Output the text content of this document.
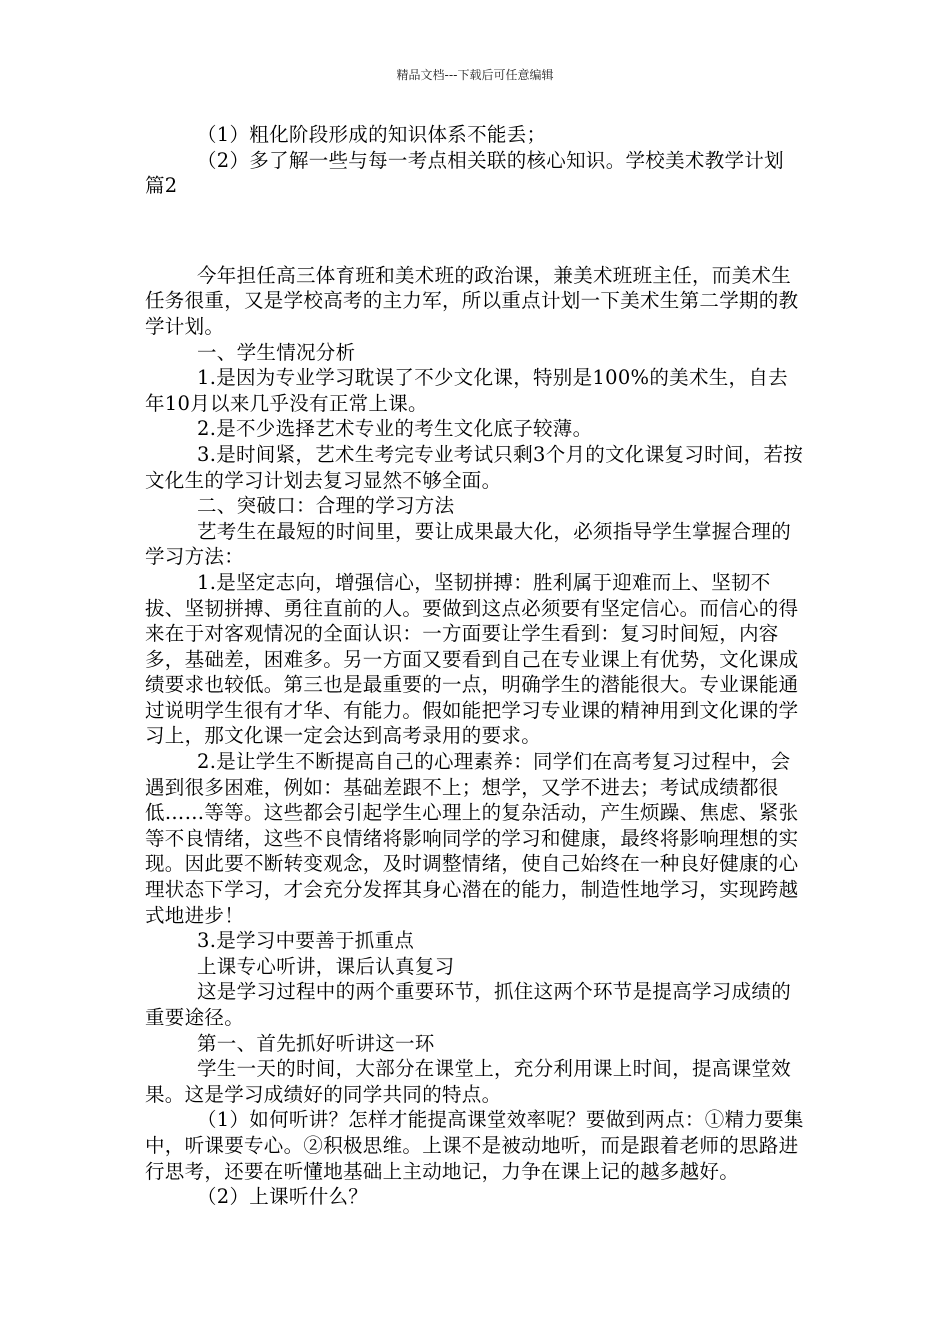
精品文档---下载后可任意编辑

（1）粗化阶段形成的知识体系不能丢；

（2）多了解一些与每一考点相关联的核心知识。学校美术教学计划 篇2

今年担任高三体育班和美术班的政治课，兼美术班班主任，而美术生任务很重，又是学校高考的主力军，所以重点计划一下美术生第二学期的教学计划。

一、学生情况分析

1.是因为专业学习耽误了不少文化课，特别是100%的美术生，自去年10月以来几乎没有正常上课。

2.是不少选择艺术专业的考生文化底子较薄。

3.是时间紧，艺术生考完专业考试只剩3个月的文化课复习时间，若按文化生的学习计划去复习显然不够全面。

二、突破口：合理的学习方法

艺考生在最短的时间里，要让成果最大化，必须指导学生掌握合理的学习方法：

1.是坚定志向，增强信心，坚韧拼搏：胜利属于迎难而上、坚韧不拔、坚韧拼搏、勇往直前的人。要做到这点必须要有坚定信心。而信心的得来在于对客观情况的全面认识：一方面要让学生看到：复习时间短，内容多，基础差，困难多。另一方面又要看到自己在专业课上有优势，文化课成绩要求也较低。第三也是最重要的一点，明确学生的潜能很大。专业课能通过说明学生很有才华、有能力。假如能把学习专业课的精神用到文化课的学习上，那文化课一定会达到高考录用的要求。

2.是让学生不断提高自己的心理素养：同学们在高考复习过程中，会遇到很多困难，例如：基础差跟不上；想学，又学不进去；考试成绩都很低……等等。这些都会引起学生心理上的复杂活动，产生烦躁、焦虑、紧张等不良情绪，这些不良情绪将影响同学的学习和健康，最终将影响理想的实现。因此要不断转变观念，及时调整情绪，使自己始终在一种良好健康的心理状态下学习，才会充分发挥其身心潜在的能力，制造性地学习，实现跨越式地进步！

3.是学习中要善于抓重点

上课专心听讲，课后认真复习

这是学习过程中的两个重要环节，抓住这两个环节是提高学习成绩的重要途径。

第一、首先抓好听讲这一环

学生一天的时间，大部分在课堂上，充分利用课上时间，提高课堂效果。这是学习成绩好的同学共同的特点。

（1）如何听讲？怎样才能提高课堂效率呢？要做到两点：①精力要集中，听课要专心。②积极思维。上课不是被动地听，而是跟着老师的思路进行思考，还要在听懂地基础上主动地记，力争在课上记的越多越好。

（2）上课听什么？
